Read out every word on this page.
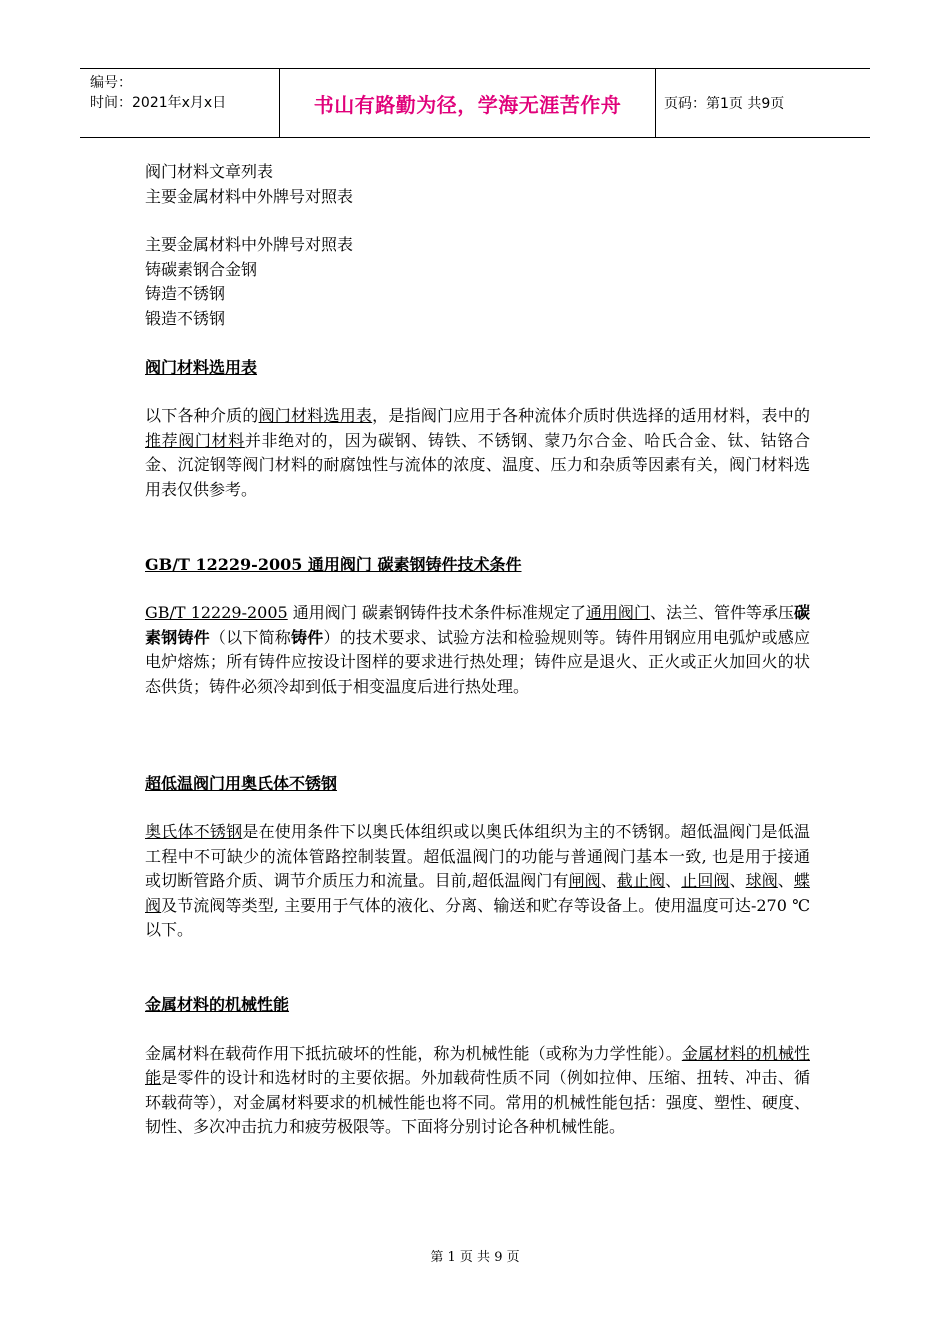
编号：
时间：2021年x月x日	书山有路勤为径，学海无涯苦作舟	页码：第1页 共9页
阀门材料文章列表
主要金属材料中外牌号对照表
主要金属材料中外牌号对照表
铸碳素钢合金钢
铸造不锈钢
锻造不锈钢
阀门材料选用表
以下各种介质的阀门材料选用表，是指阀门应用于各种流体介质时供选择的适用材料，表中的推荐阀门材料并非绝对的，因为碳钢、铸铁、不锈钢、蒙乃尔合金、哈氏合金、钛、钴铬合金、沉淀钢等阀门材料的耐腐蚀性与流体的浓度、温度、压力和杂质等因素有关，阀门材料选用表仅供参考。
GB/T 12229-2005 通用阀门 碳素钢铸件技术条件
GB/T 12229-2005 通用阀门 碳素钢铸件技术条件标准规定了通用阀门、法兰、管件等承压碳素钢铸件（以下简称铸件）的技术要求、试验方法和检验规则等。铸件用钢应用电弧炉或感应电炉熔炼；所有铸件应按设计图样的要求进行热处理；铸件应是退火、正火或正火加回火的状态供货；铸件必须冷却到低于相变温度后进行热处理。
超低温阀门用奥氏体不锈钢
奥氏体不锈钢是在使用条件下以奥氏体组织或以奥氏体组织为主的不锈钢。超低温阀门是低温工程中不可缺少的流体管路控制装置。超低温阀门的功能与普通阀门基本一致, 也是用于接通或切断管路介质、调节介质压力和流量。目前,超低温阀门有闸阀、截止阀、止回阀、球阀、蝶阀及节流阀等类型, 主要用于气体的液化、分离、输送和贮存等设备上。使用温度可达-270 ℃以下。
金属材料的机械性能
金属材料在载荷作用下抵抗破坏的性能，称为机械性能（或称为力学性能）。金属材料的机械性能是零件的设计和选材时的主要依据。外加载荷性质不同（例如拉伸、压缩、扭转、冲击、循环载荷等），对金属材料要求的机械性能也将不同。常用的机械性能包括：强度、塑性、硬度、韧性、多次冲击抗力和疲劳极限等。下面将分别讨论各种机械性能。
第 1 页 共 9 页
